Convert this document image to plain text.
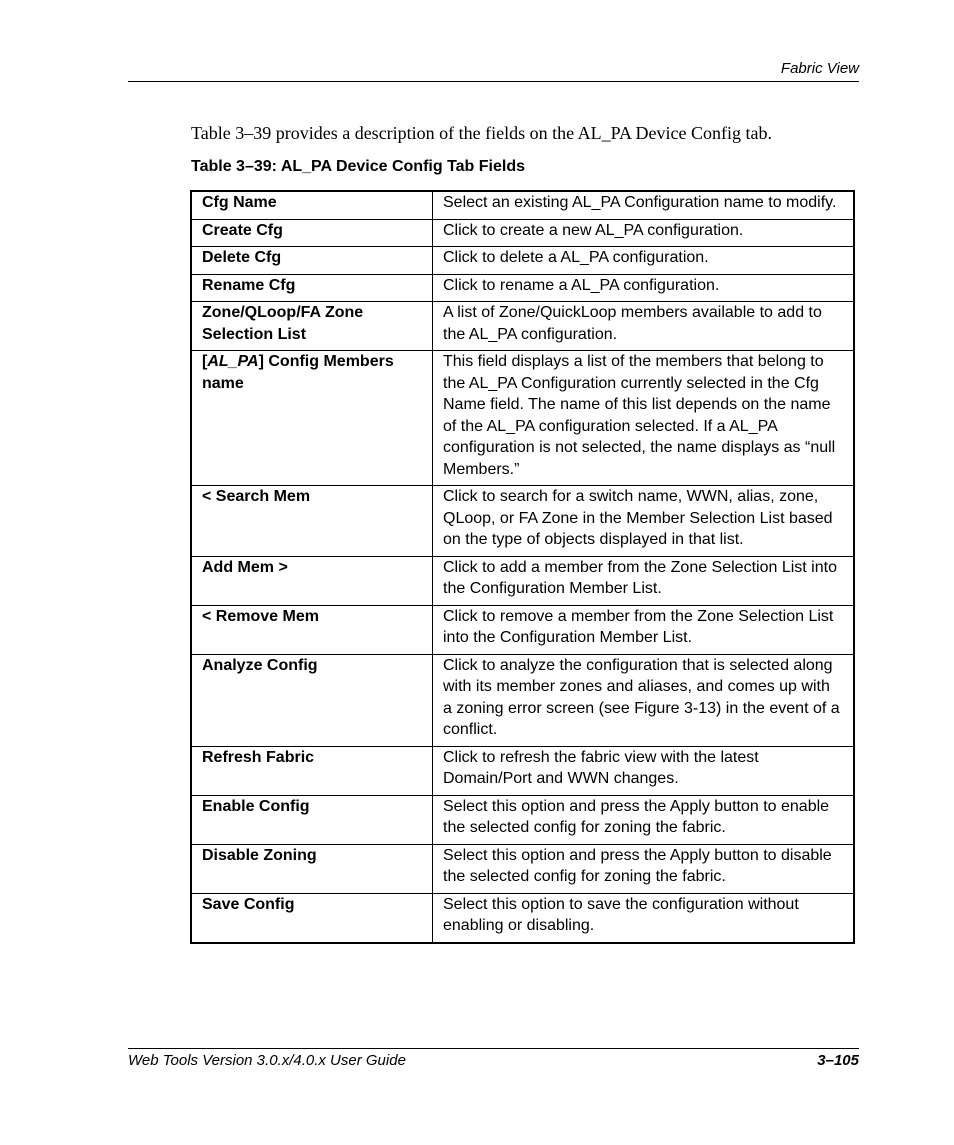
Fabric View
Table 3–39 provides a description of the fields on the AL_PA Device Config tab.
Table 3–39: AL_PA Device Config Tab Fields
Cfg Name	Select an existing AL_PA Configuration name to modify.
Create Cfg	Click to create a new AL_PA configuration.
Delete Cfg	Click to delete a AL_PA configuration.
Rename Cfg	Click to rename a AL_PA configuration.
Zone/QLoop/FA Zone Selection List	A list of Zone/QuickLoop members available to add to the AL_PA configuration.
[AL_PA] Config Members name	This field displays a list of the members that belong to the AL_PA Configuration currently selected in the Cfg Name field. The name of this list depends on the name of the AL_PA configuration selected. If a AL_PA configuration is not selected, the name displays as “null Members.”
< Search Mem	Click to search for a switch name, WWN, alias, zone, QLoop, or FA Zone in the Member Selection List based on the type of objects displayed in that list.
Add Mem >	Click to add a member from the Zone Selection List into the Configuration Member List.
< Remove Mem	Click to remove a member from the Zone Selection List into the Configuration Member List.
Analyze Config	Click to analyze the configuration that is selected along with its member zones and aliases, and comes up with a zoning error screen (see Figure 3-13) in the event of a conflict.
Refresh Fabric	Click to refresh the fabric view with the latest Domain/Port and WWN changes.
Enable Config	Select this option and press the Apply button to enable the selected config for zoning the fabric.
Disable Zoning	Select this option and press the Apply button to disable the selected config for zoning the fabric.
Save Config	Select this option to save the configuration without enabling or disabling.
Web Tools Version 3.0.x/4.0.x User Guide	3–105
